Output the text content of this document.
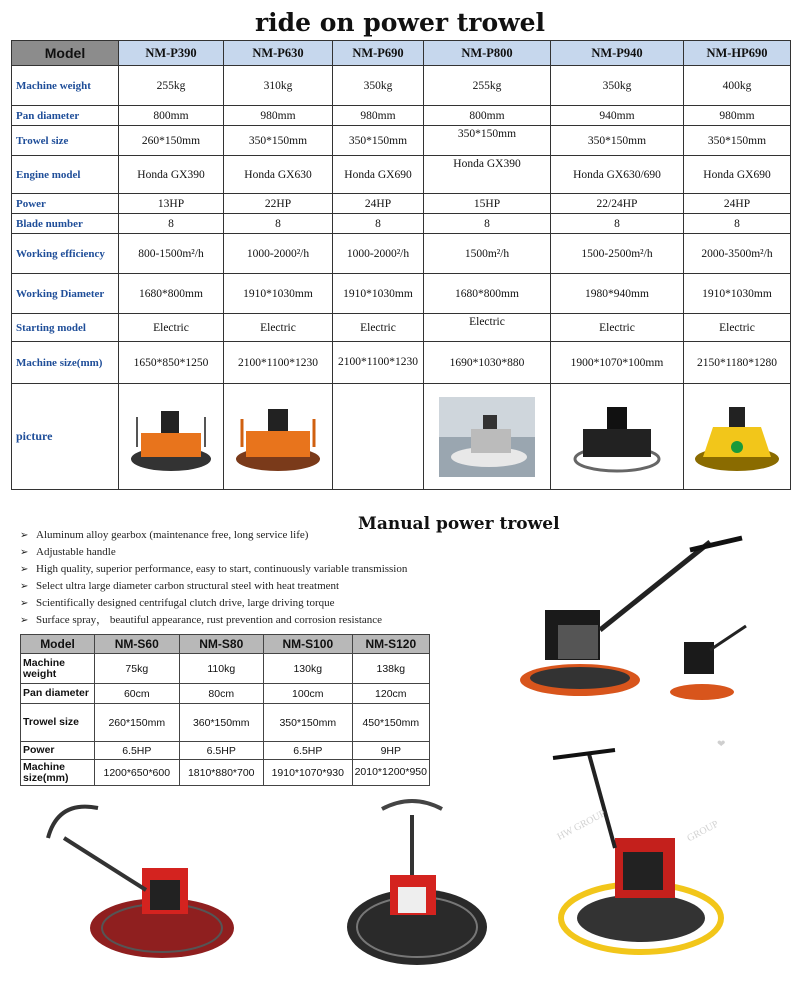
ride on power trowel
Model	NM-P390	NM-P630	NM-P690	NM-P800	NM-P940	NM-HP690
Machine weight	255kg	310kg	350kg	255kg	350kg	400kg
Pan diameter	800mm	980mm	980mm	800mm	940mm	980mm
Trowel size	260*150mm	350*150mm	350*150mm	350*150mm	350*150mm	350*150mm
Engine model	Honda GX390	Honda GX630	Honda GX690	Honda GX390	Honda GX630/690	Honda GX690
Power	13HP	22HP	24HP	15HP	22/24HP	24HP
Blade number	8	8	8	8	8	8
Working efficiency	800-1500m²/h	1000-2000²/h	1000-2000²/h	1500m²/h	1500-2500m²/h	2000-3500m²/h
Working Diameter	1680*800mm	1910*1030mm	1910*1030mm	1680*800mm	1980*940mm	1910*1030mm
Starting model	Electric	Electric	Electric	Electric	Electric	Electric
Machine size(mm)	1650*850*1250	2100*1100*1230	2100*1100*1230	1690*1030*880	1900*1070*100mm	2150*1180*1280
picture	

Manual power trowel
➢ Aluminum alloy gearbox (maintenance free, long service life)
➢ Adjustable handle
➢ High quality, superior performance, easy to start, continuously variable transmission
➢ Select ultra large diameter carbon structural steel with heat treatment
➢ Scientifically designed centrifugal clutch drive, large driving torque
➢ Surface spray， beautiful appearance, rust prevention and corrosion resistance
Model	NM-S60	NM-S80	NM-S100	NM-S120
Machine weight	75kg	110kg	130kg	138kg
Pan diameter	60cm	80cm	100cm	120cm
Trowel size	260*150mm	360*150mm	350*150mm	450*150mm
Power	6.5HP	6.5HP	6.5HP	9HP
Machine size(mm)	1200*650*600	1810*880*700	1910*1070*930	2010*1200*950
HW GROUP	GROUP
❤
